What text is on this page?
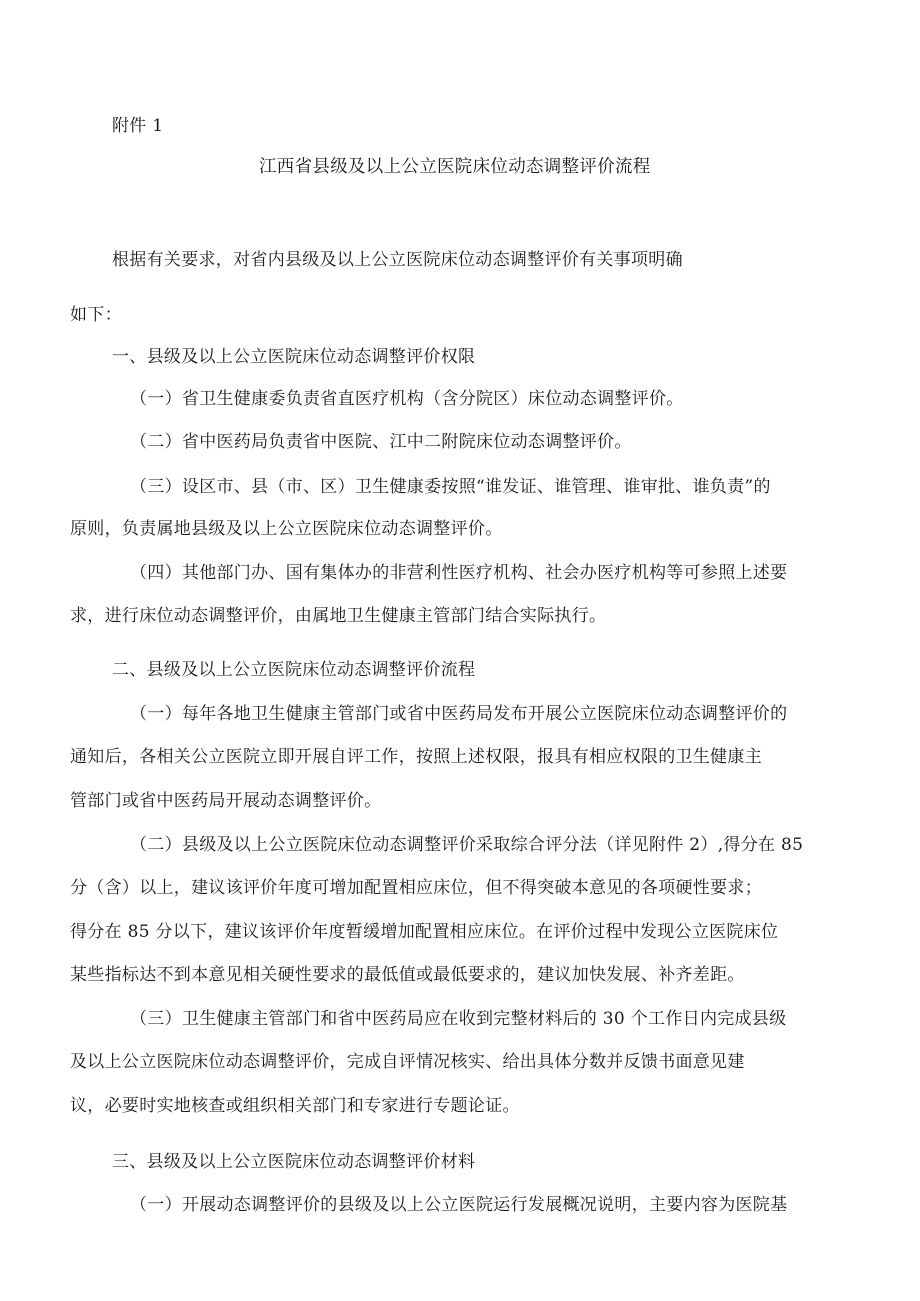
附件 1
江西省县级及以上公立医院床位动态调整评价流程
根据有关要求，对省内县级及以上公立医院床位动态调整评价有关事项明确
如下：
一、县级及以上公立医院床位动态调整评价权限
（一）省卫生健康委负责省直医疗机构（含分院区）床位动态调整评价。
（二）省中医药局负责省中医院、江中二附院床位动态调整评价。
（三）设区市、县（市、区）卫生健康委按照“谁发证、谁管理、谁审批、谁负责”的
原则，负责属地县级及以上公立医院床位动态调整评价。
（四）其他部门办、国有集体办的非营利性医疗机构、社会办医疗机构等可参照上述要
求，进行床位动态调整评价，由属地卫生健康主管部门结合实际执行。
二、县级及以上公立医院床位动态调整评价流程
（一）每年各地卫生健康主管部门或省中医药局发布开展公立医院床位动态调整评价的
通知后，各相关公立医院立即开展自评工作，按照上述权限，报具有相应权限的卫生健康主
管部门或省中医药局开展动态调整评价。
（二）县级及以上公立医院床位动态调整评价采取综合评分法（详见附件 2）,得分在 85
分（含）以上，建议该评价年度可增加配置相应床位，但不得突破本意见的各项硬性要求；
得分在 85 分以下，建议该评价年度暂缓增加配置相应床位。在评价过程中发现公立医院床位
某些指标达不到本意见相关硬性要求的最低值或最低要求的，建议加快发展、补齐差距。
（三）卫生健康主管部门和省中医药局应在收到完整材料后的 30 个工作日内完成县级
及以上公立医院床位动态调整评价，完成自评情况核实、给出具体分数并反馈书面意见建
议，必要时实地核查或组织相关部门和专家进行专题论证。
三、县级及以上公立医院床位动态调整评价材料
（一）开展动态调整评价的县级及以上公立医院运行发展概况说明，主要内容为医院基
